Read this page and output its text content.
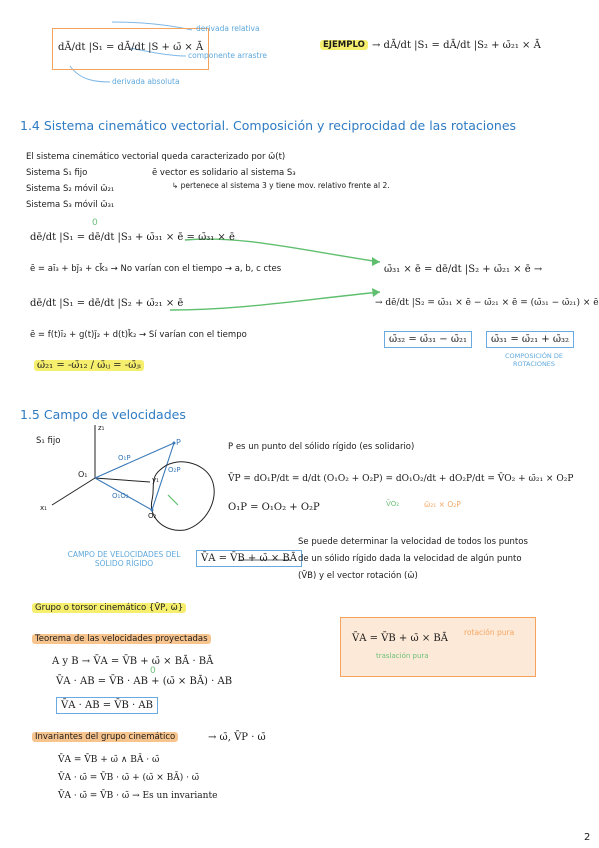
dĀ/dt |S₁ = dĀ/dt |S + ω̄ × Ā
derivada relativa
componente arrastre
derivada absoluta
EJEMPLO → dĀ/dt |S₁ = dĀ/dt |S₂ + ω̄₂₁ × Ā
1.4 Sistema cinemático vectorial. Composición y reciprocidad de las rotaciones
El sistema cinemático vectorial queda caracterizado por ω̄(t)
Sistema S₁ fijo	ē vector es solidario al sistema S₃
Sistema S₂ móvil ω̄₂₁	↳ pertenece al sistema 3 y tiene mov. relativo frente al 2.
Sistema S₃ móvil ω̄₃₁
dē/dt |S₁ = dē/dt |S₃ + ω̄₃₁ × ē = ω̄₃₁ × ē
0
ē = aī₃ + bj̄₃ + ck̄₃ → No varían con el tiempo → a, b, c ctes
dē/dt |S₁ = dē/dt |S₂ + ω̄₂₁ × ē
ē = f(t)ī₂ + g(t)j̄₂ + d(t)k̄₂ → Sí varían con el tiempo
ω̄₂₁ = -ω̄₁₂ / ω̄ᵢⱼ = -ω̄ⱼᵢ
ω̄₃₁ × ē = dē/dt |S₂ + ω̄₂₁ × ē →
→ dē/dt |S₂ = ω̄₃₁ × ē − ω̄₂₁ × ē = (ω̄₃₁ − ω̄₂₁) × ē
ω̄₃₂ = ω̄₃₁ − ω̄₂₁	ω̄₃₁ = ω̄₂₁ + ω̄₃₂
COMPOSICIÓN DE ROTACIONES
1.5 Campo de velocidades
S₁ fijo
z₁
x₁
y₁
O₁
O₁P
P
O₂
O₂P
O₁O₂
P es un punto del sólido rígido (es solidario)
V̄P = dO₁P/dt = d/dt (O₁O₂ + O₂P) = dO₁O₂/dt + dO₂P/dt = V̄O₂ + ω̄₂₁ × O₂P
V̄O₂	ω̄₂₁ × O₂P
O₁P = O₁O₂ + O₂P
CAMPO DE VELOCIDADES DEL SÓLIDO RÍGIDO	V̄A = V̄B + ω̄ × BĀ
Se puede determinar la velocidad de todos los puntos
de un sólido rígido dada la velocidad de algún punto
(V̄B) y el vector rotación (ω̄)
Grupo o torsor cinemático {V̄P, ω̄}
Teorema de las velocidades proyectadas
A y B → V̄A = V̄B + ω̄ × BĀ · BĀ
V̄A · AB = V̄B · AB + (ω̄ × BĀ) · AB
0
V̄A · AB = V̄B · AB
V̄A = V̄B + ω̄ × BĀ
traslación pura
rotación pura
Invariantes del grupo cinemático	→ ω̄, V̄P · ω̄
V̄A = V̄B + ω̄ ∧ BĀ · ω̄
V̄A · ω̄ = V̄B · ω̄ + (ω̄ × BĀ) · ω̄
V̄A · ω̄ = V̄B · ω̄ → Es un invariante
2
